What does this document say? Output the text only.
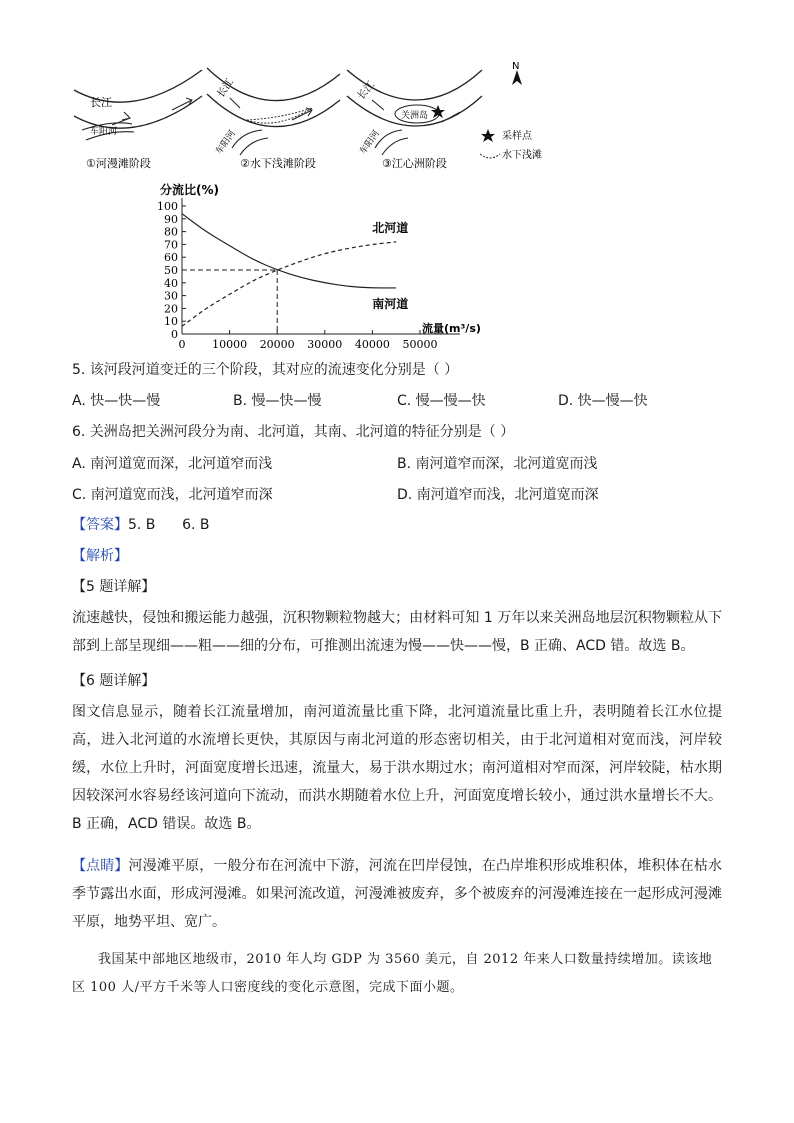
长江
车阳河
①河漫滩阶段
长江
车阳河
②水下浅滩阶段
关洲岛
长江
车阳河
③江心洲阶段
N
采样点
水下浅滩
0
10
20
30
40
50
60
70
80
90
100
0 10000 20000 30000 40000 50000
分流比(%)
流量(m³/s)
北河道
南河道
5. 该河段河道变迁的三个阶段，其对应的流速变化分别是（ ）
A. 快—快—慢	B. 慢—快—慢	C. 慢—慢—快	D. 快—慢—快
6. 关洲岛把关洲河段分为南、北河道，其南、北河道的特征分别是（ ）
A. 南河道宽而深，北河道窄而浅	B. 南河道窄而深，北河道宽而浅
C. 南河道宽而浅，北河道窄而深	D. 南河道窄而浅，北河道宽而深
【答案】5. B      6. B
【解析】
【5 题详解】
流速越快，侵蚀和搬运能力越强，沉积物颗粒物越大；由材料可知 1 万年以来关洲岛地层沉积物颗粒从下部到上部呈现细——粗——细的分布，可推测出流速为慢——快——慢，B 正确、ACD 错。故选 B。
【6 题详解】
图文信息显示，随着长江流量增加，南河道流量比重下降，北河道流量比重上升，表明随着长江水位提高，进入北河道的水流增长更快，其原因与南北河道的形态密切相关，由于北河道相对宽而浅，河岸较缓，水位上升时，河面宽度增长迅速，流量大，易于洪水期过水；南河道相对窄而深，河岸较陡，枯水期因较深河水容易经该河道向下流动，而洪水期随着水位上升，河面宽度增长较小，通过洪水量增长不大。B 正确，ACD 错误。故选 B。
【点睛】河漫滩平原，一般分布在河流中下游，河流在凹岸侵蚀，在凸岸堆积形成堆积体，堆积体在枯水季节露出水面，形成河漫滩。如果河流改道，河漫滩被废弃，多个被废弃的河漫滩连接在一起形成河漫滩平原，地势平坦、宽广。
我国某中部地区地级市，2010 年人均 GDP 为 3560 美元，自 2012 年来人口数量持续增加。读该地区 100 人/平方千米等人口密度线的变化示意图，完成下面小题。
